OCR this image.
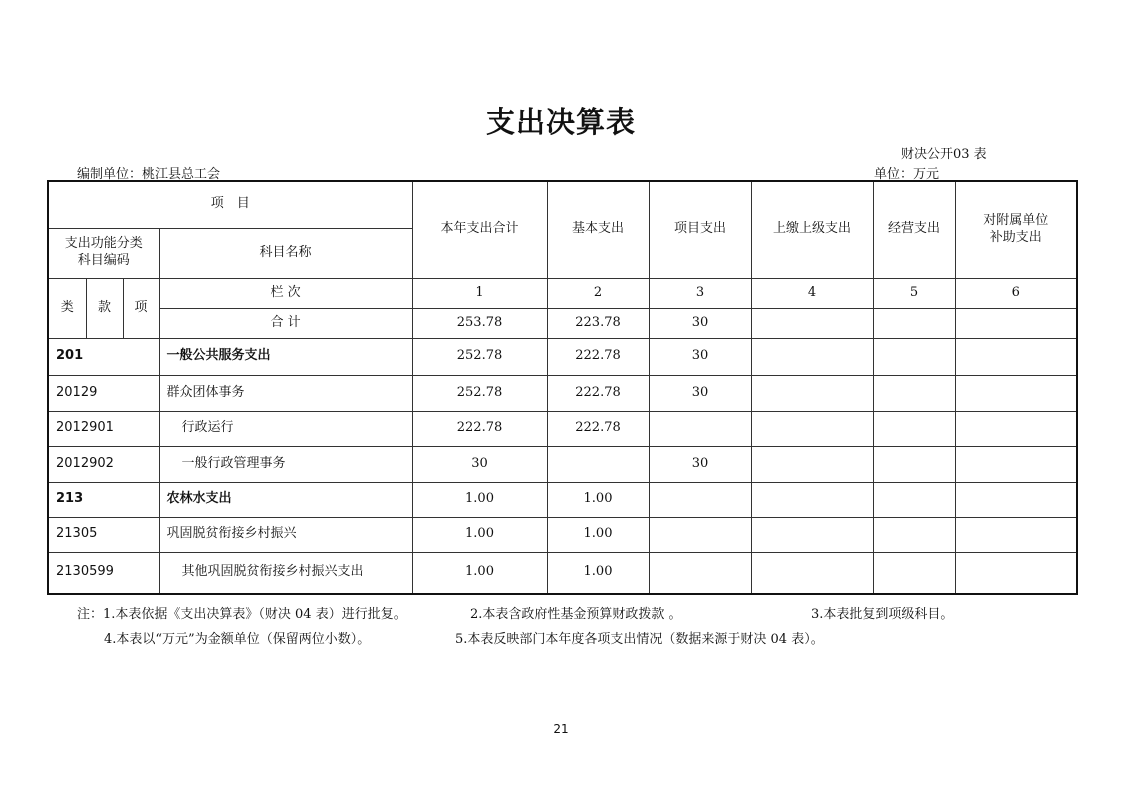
支出决算表
财决公开03 表
编制单位：桃江县总工会	单位：万元
项　目				本年支出合计	基本支出	项目支出	上缴上级支出	经营支出	对附属单位
补助支出
支出功能分类
科目编码			科目名称						
类	款	项	栏 次	1	2	3	4	5	6
			合 计	253.78	223.78	30			
201			一般公共服务支出	252.78	222.78	30			
20129			群众团体事务	252.78	222.78	30			
2012901			行政运行	222.78	222.78				
2012902			一般行政管理事务	30		30			
213			农林水支出	1.00	1.00				
21305			巩固脱贫衔接乡村振兴	1.00	1.00				
2130599			其他巩固脱贫衔接乡村振兴支出	1.00	1.00				
注：1.本表依据《支出决算表》（财决 04 表）进行批复。	2.本表含政府性基金预算财政拨款 。	3.本表批复到项级科目。
4.本表以“万元”为金额单位（保留两位小数）。	5.本表反映部门本年度各项支出情况（数据来源于财决 04 表）。
21
